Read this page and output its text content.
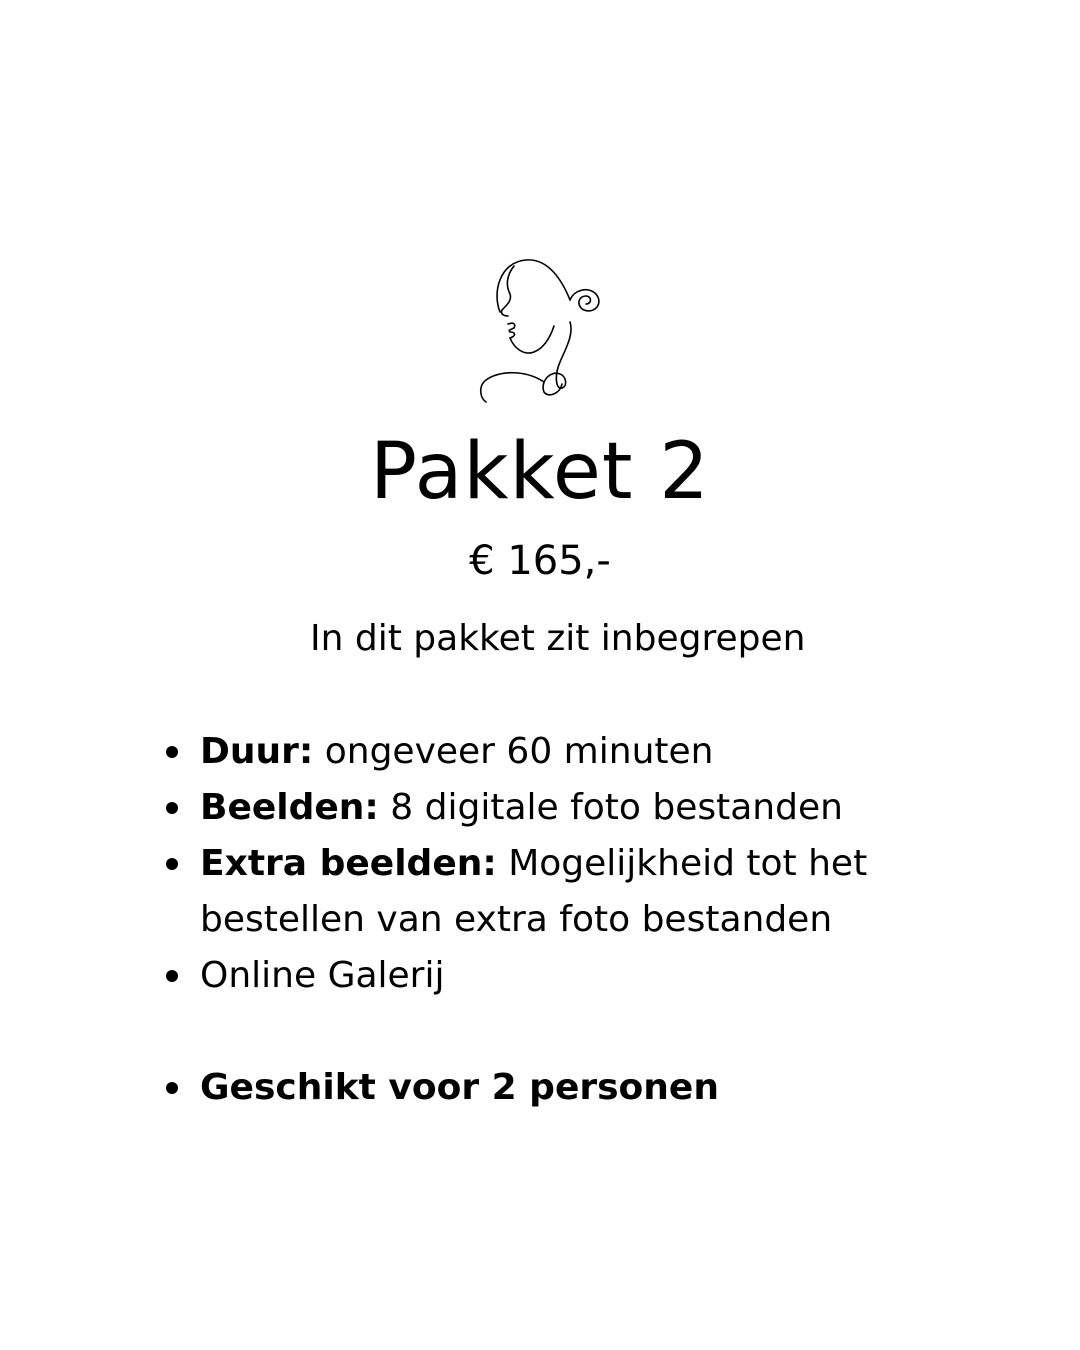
Pakket 2
€ 165,-
In dit pakket zit inbegrepen
Duur: ongeveer 60 minuten
Beelden: 8 digitale foto bestanden
Extra beelden: Mogelijkheid tot het bestellen van extra foto bestanden
Online Galerij
Geschikt voor 2 personen
